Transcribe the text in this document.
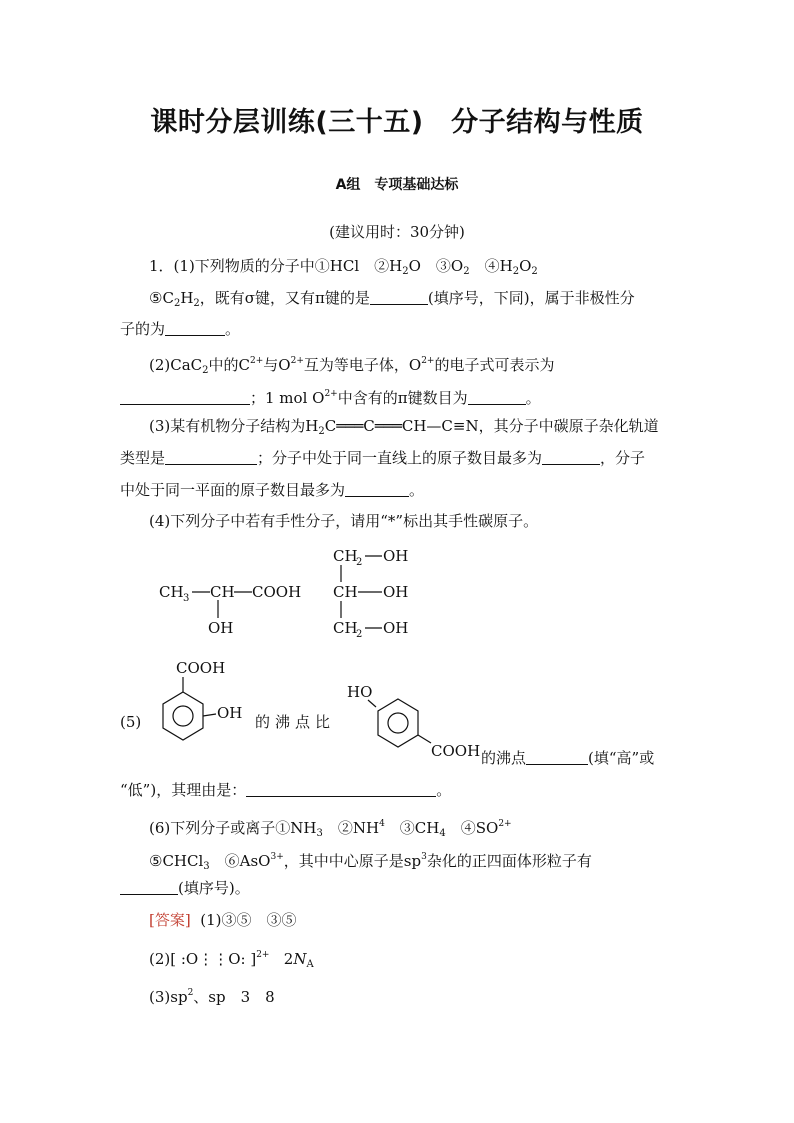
课时分层训练(三十五)　分子结构与性质
A组　专项基础达标
(建议用时：30分钟)
1．(1)下列物质的分子中①HCl　$②H_2O$　$③O_2$　$④H_2O_2$
$⑤C_2H_2$，既有σ键，又有π键的是	(填序号，下同)，属于非极性分
子的为	。
(2)CaC$_2$中的$C^{2+}$与$O^{2+}$互为等电子体，$O^{2+}$的电子式可表示为
；1 mol $O^{2+}$中含有的π键数目为	。
(3)某有机物分子结构为$H_2C═══C═══CH—C\equiv N$，其分子中碳原子杂化轨道
类型是	；分子中处于同一直线上的原子数目最多为	，分子
中处于同一平面的原子数目最多为	。
(4)下列分子中若有手性分子，请用“*”标出其手性碳原子。
CH 3 CH COOH
OH
CH
2 OH
CH OH
CH
2 OH
(5)
COOH
OH 的沸点比
HO
COOH 的沸点	(填“高”或
“低”)，其理由是：	。
(6)下列分子或离子$①NH_3$　$②NH^4$　$③CH_4$　$④SO^{2+}$
⑤CHCl$_3$　⑥AsO$^{3+}$，其中中心原子是$sp^3$杂化的正四面体形粒子有
(填序号)。
[答案] (1)③⑤　③⑤
(2)[ :O⋮⋮O: ]$^{2+}$ $2N_A$
$(3)sp^2$、sp　3　8
